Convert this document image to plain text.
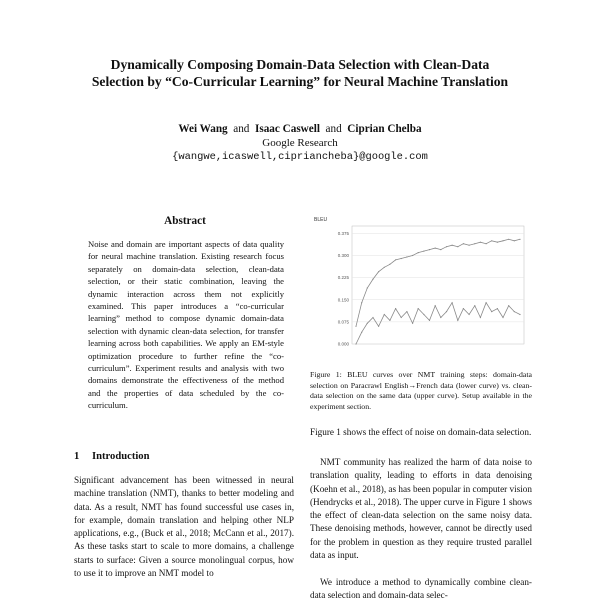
Dynamically Composing Domain-Data Selection with Clean-Data
Selection by “Co-Curricular Learning” for Neural Machine Translation
Wei Wang and Isaac Caswell and Ciprian Chelba
Google Research
{wangwe,icaswell,cipriancheba}@google.com
Abstract

Noise and domain are important aspects of data quality for neural machine translation. Existing research focus separately on domain-data selection, clean-data selection, or their static combination, leaving the dynamic interaction across them not explicitly examined. This paper introduces a “co-curricular learning” method to compose dynamic domain-data selection with dynamic clean-data selection, for transfer learning across both capabilities. We apply an EM-style optimization procedure to further refine the “co-curriculum”. Experiment results and analysis with two domains demonstrate the effectiveness of the method and the properties of data scheduled by the co-curriculum.

1 Introduction

Significant advancement has been witnessed in neural machine translation (NMT), thanks to better modeling and data. As a result, NMT has found successful use cases in, for example, domain translation and helping other NLP applications, e.g., (Buck et al., 2018; McCann et al., 2017). As these tasks start to scale to more domains, a challenge starts to surface: Given a source monolingual corpus, how to use it to improve an NMT model to

BLEU
0.000
0.075
0.150
0.225
0.300
0.375

Figure 1: BLEU curves over NMT training steps: domain-data selection on Paracrawl English→French data (lower curve) vs. clean-data selection on the same data (upper curve). Setup available in the experiment section.

Figure 1 shows the effect of noise on domain-data selection.

NMT community has realized the harm of data noise to translation quality, leading to efforts in data denoising (Koehn et al., 2018), as has been popular in computer vision (Hendrycks et al., 2018). The upper curve in Figure 1 shows the effect of clean-data selection on the same noisy data. These denoising methods, however, cannot be directly used for the problem in question as they require trusted parallel data as input.

We introduce a method to dynamically combine clean-data selection and domain-data selec-
